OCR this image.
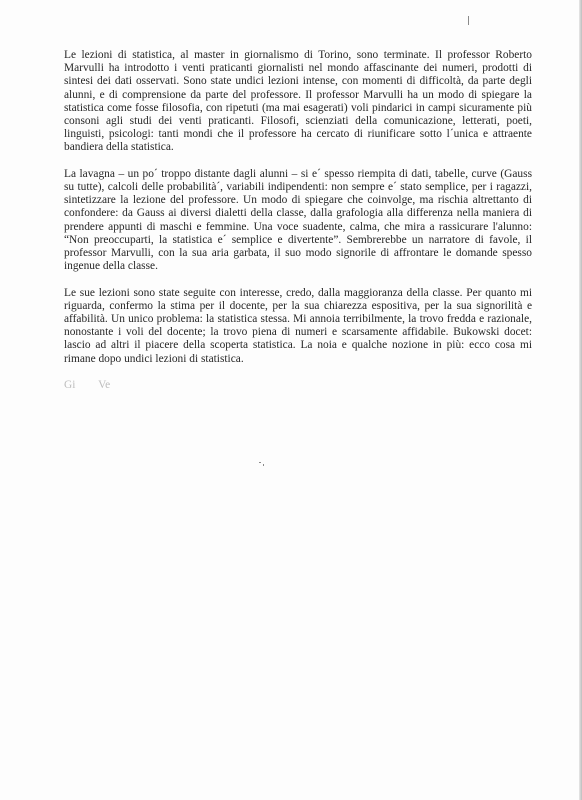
Le lezioni di statistica, al master in giornalismo di Torino, sono terminate. Il professor Roberto Marvulli ha introdotto i venti praticanti giornalisti nel mondo affascinante dei numeri, prodotti di sintesi dei dati osservati. Sono state undici lezioni intense, con momenti di difficoltà, da parte degli alunni, e di comprensione da parte del professore. Il professor Marvulli ha un modo di spiegare la statistica come fosse filosofia, con ripetuti (ma mai esagerati) voli pindarici in campi sicuramente più consoni agli studi dei venti praticanti. Filosofi, scienziati della comunicazione, letterati, poeti, linguisti, psicologi: tanti mondi che il professore ha cercato di riunificare sotto l´unica e attraente bandiera della statistica.

La lavagna – un po´ troppo distante dagli alunni – si e´ spesso riempita di dati, tabelle, curve (Gauss su tutte), calcoli delle probabilità´, variabili indipendenti: non sempre e´ stato semplice, per i ragazzi, sintetizzare la lezione del professore. Un modo di spiegare che coinvolge, ma rischia altrettanto di confondere: da Gauss ai diversi dialetti della classe, dalla grafologia alla differenza nella maniera di prendere appunti di maschi e femmine. Una voce suadente, calma, che mira a rassicurare l'alunno: “Non preoccuparti, la statistica e´ semplice e divertente”. Sembrerebbe un narratore di favole, il professor Marvulli, con la sua aria garbata, il suo modo signorile di affrontare le domande spesso ingenue della classe.

Le sue lezioni sono state seguite con interesse, credo, dalla maggioranza della classe. Per quanto mi riguarda, confermo la stima per il docente, per la sua chiarezza espositiva, per la sua signorilità e affabilità. Un unico problema: la statistica stessa. Mi annoia terribilmente, la trovo fredda e razionale, nonostante i voli del docente; la trovo piena di numeri e scarsamente affidabile. Bukowski docet: lascio ad altri il piacere della scoperta statistica. La noia e qualche nozione in più: ecco cosa mi rimane dopo undici lezioni di statistica.

Gi        Ve
